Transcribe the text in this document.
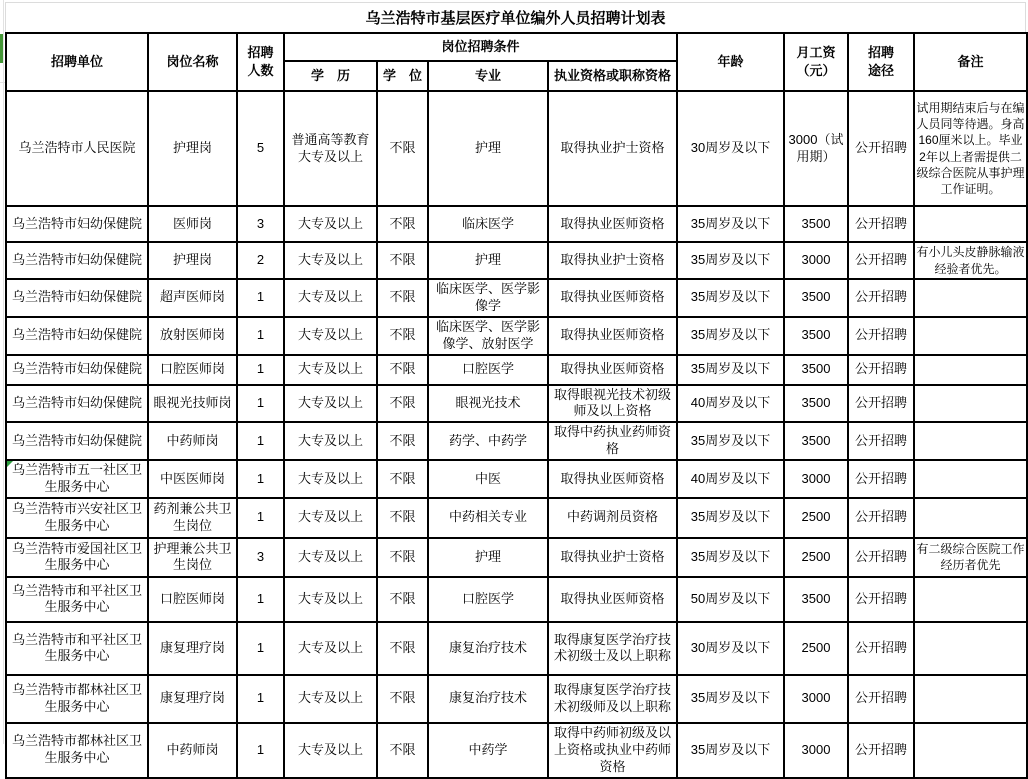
乌兰浩特市基层医疗单位编外人员招聘计划表
招聘单位	岗位名称	招聘人数	岗位招聘条件				年龄	月工资（元）	招聘途径	备注
			学　历	学　位	专业	执业资格或职称资格				
乌兰浩特市人民医院	护理岗	5	普通高等教育大专及以上	不限	护理	取得执业护士资格	30周岁及以下	3000（试用期）	公开招聘	试用期结束后与在编人员同等待遇。身高160厘米以上。毕业2年以上者需提供二级综合医院从事护理工作证明。
乌兰浩特市妇幼保健院	医师岗	3	大专及以上	不限	临床医学	取得执业医师资格	35周岁及以下	3500	公开招聘	
乌兰浩特市妇幼保健院	护理岗	2	大专及以上	不限	护理	取得执业护士资格	35周岁及以下	3000	公开招聘	有小儿头皮静脉输液经验者优先。
乌兰浩特市妇幼保健院	超声医师岗	1	大专及以上	不限	临床医学、医学影像学	取得执业医师资格	35周岁及以下	3500	公开招聘	
乌兰浩特市妇幼保健院	放射医师岗	1	大专及以上	不限	临床医学、医学影像学、放射医学	取得执业医师资格	35周岁及以下	3500	公开招聘	
乌兰浩特市妇幼保健院	口腔医师岗	1	大专及以上	不限	口腔医学	取得执业医师资格	35周岁及以下	3500	公开招聘	
乌兰浩特市妇幼保健院	眼视光技师岗	1	大专及以上	不限	眼视光技术	取得眼视光技术初级师及以上资格	40周岁及以下	3500	公开招聘	
乌兰浩特市妇幼保健院	中药师岗	1	大专及以上	不限	药学、中药学	取得中药执业药师资格	35周岁及以下	3500	公开招聘	
乌兰浩特市五一社区卫生服务中心	中医医师岗	1	大专及以上	不限	中医	取得执业医师资格	40周岁及以下	3000	公开招聘	
乌兰浩特市兴安社区卫生服务中心	药剂兼公共卫生岗位	1	大专及以上	不限	中药相关专业	中药调剂员资格	35周岁及以下	2500	公开招聘	
乌兰浩特市爱国社区卫生服务中心	护理兼公共卫生岗位	3	大专及以上	不限	护理	取得执业护士资格	35周岁及以下	2500	公开招聘	有二级综合医院工作经历者优先
乌兰浩特市和平社区卫生服务中心	口腔医师岗	1	大专及以上	不限	口腔医学	取得执业医师资格	50周岁及以下	3500	公开招聘	
乌兰浩特市和平社区卫生服务中心	康复理疗岗	1	大专及以上	不限	康复治疗技术	取得康复医学治疗技术初级士及以上职称	30周岁及以下	2500	公开招聘	
乌兰浩特市都林社区卫生服务中心	康复理疗岗	1	大专及以上	不限	康复治疗技术	取得康复医学治疗技术初级师及以上职称	35周岁及以下	3000	公开招聘	
乌兰浩特市都林社区卫生服务中心	中药师岗	1	大专及以上	不限	中药学	取得中药师初级及以上资格或执业中药师资格	35周岁及以下	3000	公开招聘	
